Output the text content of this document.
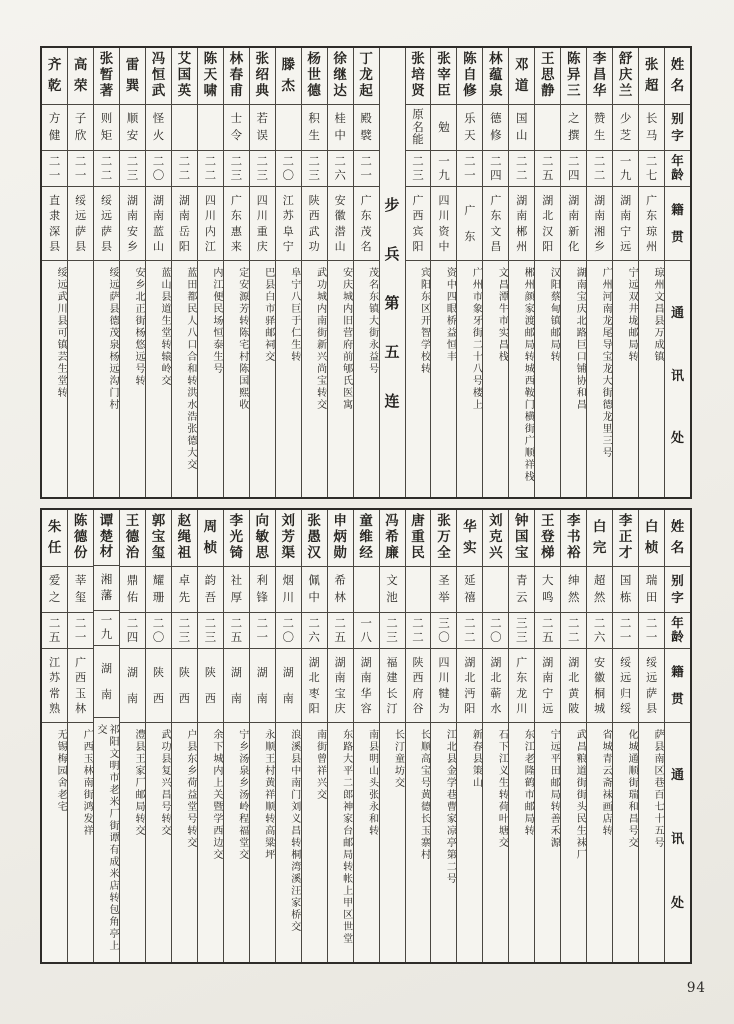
姓
名
别
字
年
龄
籍
贯
通
讯
处
张
超
长
马
二
七
广
东
琼
州
琼州文昌县万成镇
舒
庆
兰
少
芝
一
九
湖
南
宁
远
宁远双井垅邮局转
李
昌
华
赞
生
二
二
湖
南
湘
乡
广州河南龙尾导宝龙大街德龙里三号
陈
异
三
之
撰
二
四
湖
南
新
化
湖南宝庆北路巨口铺协和昌
王
思
静
二
五
湖
北
汉
阳
汉阳蔡甸镇邮局转
邓
道
国
山
二
二
湖
南
郴
州
郴州颜家渡邮局转城西鞍门横街广顺祥栈
林
蕴
泉
德
修
二
四
广
东
文
昌
文昌潭牛市实昌栈
陈
自
修
乐
天
二
一
广
东
广州市象牙街二十八号楼上
张
宰
臣
勉
一
九
四
川
资
中
资中四眼桥益恒丰
张
培
贤
原
名
能
二
三
广
西
宾
阳
宾阳东区开智学校转
步
兵
第
五
连
丁
龙
起
殿
襞
二
一
广
东
茂
名
茂名东镇大街永益号
徐
继
达
桂
中
二
六
安
徽
潜
山
安庆城内旧营府前郇氏医寓
杨
世
德
积
生
二
三
陕
西
武
功
武功城内南街新兴尚宝转交
滕
杰
二
〇
江
苏
阜
宁
阜宁八巨于仁生转
张
绍
典
若
误
二
三
四
川
重
庆
巴县白市驿邮祠交
林
春
甫
士
令
二
三
广
东
惠
来
定安源芳转陈宅村陈国熙收
陈
天
啸
二
二
四
川
内
江
内江便民场恒泰生号
艾
国
英
二
二
湖
南
岳
阳
蓝田都民人八口合和转洪水浩张德大交
冯
恒
武
怪
火
二
〇
湖
南
蓝
山
蓝山县道生堂转辕岭交
雷
巽
顺
安
二
三
湖
南
安
乡
安乡北正街杨悠远号转
张
暂
著
则
矩
二
二
绥
远
萨
县
绥远萨县德茂泉杨远沟门村
高
荣
子
欣
二
一
绥
远
萨
县
齐
乾
方
健
二
一
直
隶
深
县
绥远武川县可镇芸生堂转
姓
名
别
字
年
龄
籍
贯
通
讯
处
白
桢
瑞
田
二
一
绥
远
萨
县
萨县南区巷百七十五号
李
正
才
国
栋
二
一
绥
远
归
绥
化城通顺街瑞和昌号交
白
完
超
然
二
六
安
徽
桐
城
省城青云斋袜画店转
李
书
裕
绅
然
二
二
湖
北
黄
陂
武昌粮道街街头民生袜厂
王
登
梯
大
鸣
二
五
湖
南
宁
远
宁远平田邮局转善禾源
钟
国
宝
青
云
三
三
广
东
龙
川
东江老隆鹤市邮局转
刘
克
兴
二
〇
湖
北
蕲
水
石下江义生转荷叶塘交
华
实
延
禧
二
二
湖
北
沔
阳
新春县策山
张
万
全
圣
举
三
〇
四
川
犍
为
江北县金学巷曹家凉亭第二号
唐
重
民
二
二
陕
西
府
谷
长顺高宝号黄德长玉寨村
冯
希
廉
文
池
二
三
福
建
长
汀
长汀童坊交
童
维
经
一
八
湖
南
华
容
南县明山头张永和转
申
炳
勋
希
林
二
五
湖
南
宝
庆
东路大平二郎神家台邮局转帐上甲区世堂
张
愚
汉
佩
中
二
六
湖
北
枣
阳
南街曾祥兴交
刘
芳
渠
烟
川
二
〇
湖
南
浪溪县中南门刘义昌转桐湾溪汪家桥交
向
敏
思
利
锋
二
一
湖
南
永顺王村黄祥顺转高粱坪
李
光
锜
社
厚
二
五
湖
南
宁乡汤泉乡汤岭程福堂交
周
桢
韵
吾
二
三
陕
西
余下城内上关暨学西边交
赵
绳
祖
卓
先
二
三
陕
西
户县东乡荷益堂号转交
郭
宝
玺
耀
珊
二
〇
陕
西
武功县复兴昌号转交
王
德
治
鼎
佑
二
四
湖
南
澧县王家厂邮局转交
谭
楚
材
湘
藩
一
九
湖
南
祁阳文明市老米厂街谭有成米店转包角亭上交
陈
德
份
莘
玺
二
一
广
西
玉
林
广西玉林南街鸿发祥
朱
任
爱
之
二
五
江
苏
常
熟
无锡梅园舍老宅
94
